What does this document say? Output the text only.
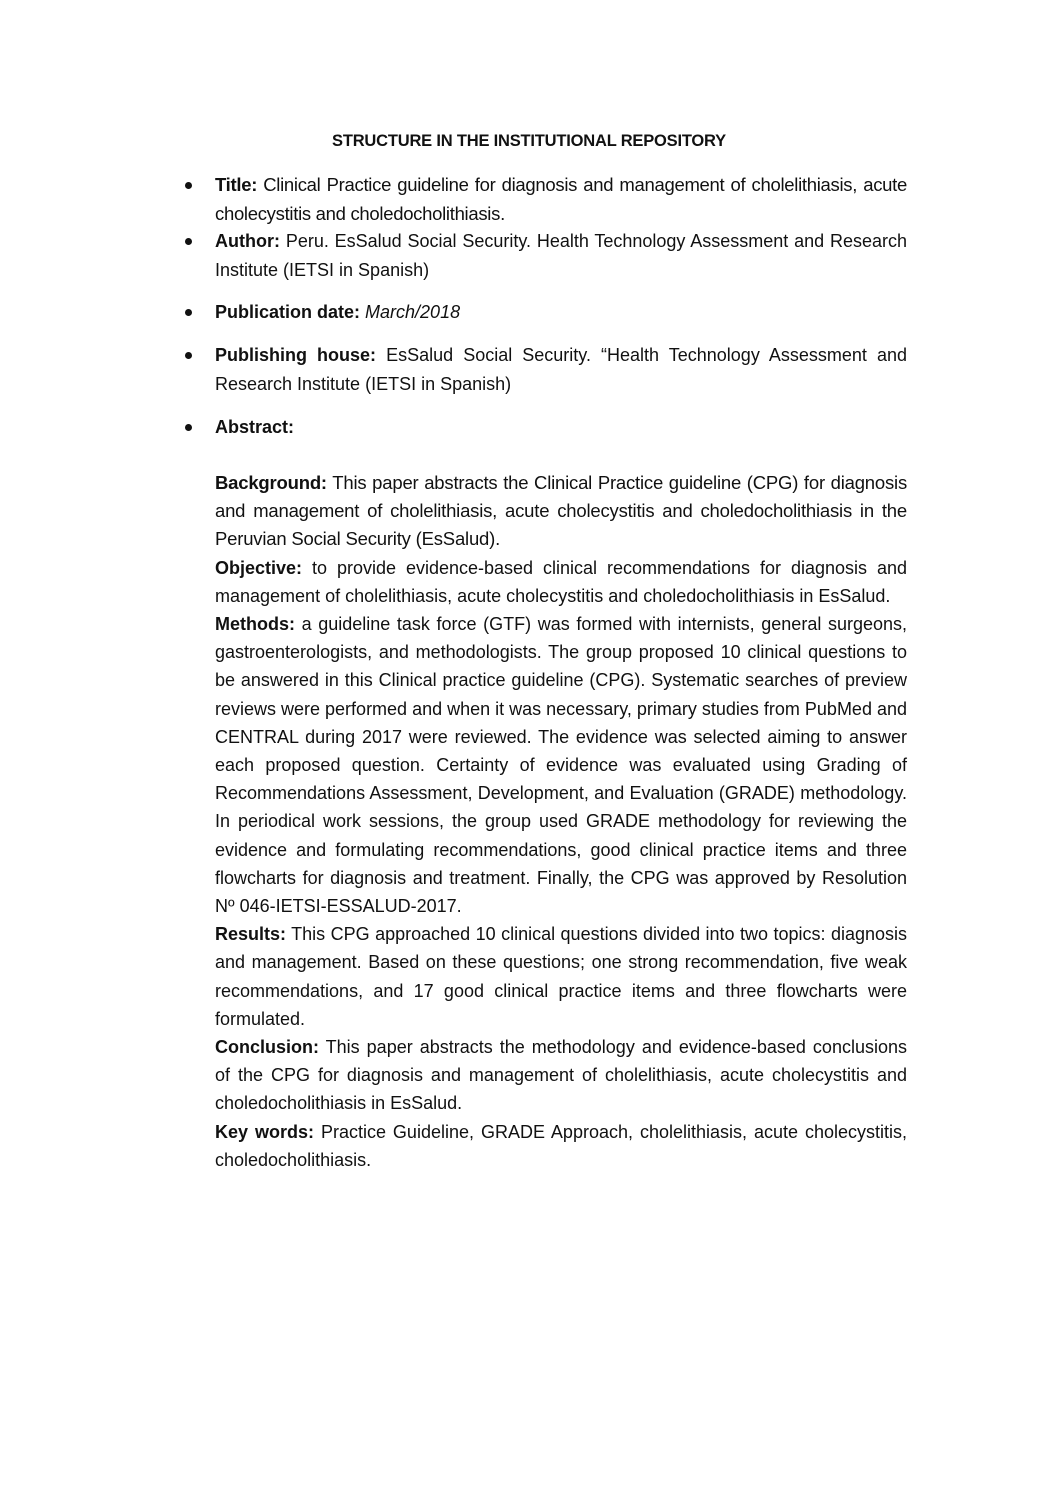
STRUCTURE IN THE INSTITUTIONAL REPOSITORY
Title: Clinical Practice guideline for diagnosis and management of cholelithiasis, acute cholecystitis and choledocholithiasis.
Author: Peru. EsSalud Social Security. Health Technology Assessment and Research Institute (IETSI in Spanish)
Publication date: March/2018
Publishing house: EsSalud Social Security. “Health Technology Assessment and Research Institute (IETSI in Spanish)
Abstract:

Background: This paper abstracts the Clinical Practice guideline (CPG) for diagnosis and management of cholelithiasis, acute cholecystitis and choledocholithiasis in the Peruvian Social Security (EsSalud).

Objective: to provide evidence-based clinical recommendations for diagnosis and management of cholelithiasis, acute cholecystitis and choledocholithiasis in EsSalud.

Methods: a guideline task force (GTF) was formed with internists, general surgeons, gastroenterologists, and methodologists. The group proposed 10 clinical questions to be answered in this Clinical practice guideline (CPG). Systematic searches of preview reviews were performed and when it was necessary, primary studies from PubMed and CENTRAL during 2017 were reviewed. The evidence was selected aiming to answer each proposed question. Certainty of evidence was evaluated using Grading of Recommendations Assessment, Development, and Evaluation (GRADE) methodology. In periodical work sessions, the group used GRADE methodology for reviewing the evidence and formulating recommendations, good clinical practice items and three flowcharts for diagnosis and treatment. Finally, the CPG was approved by Resolution Nº 046-IETSI-ESSALUD-2017.

Results: This CPG approached 10 clinical questions divided into two topics: diagnosis and management. Based on these questions; one strong recommendation, five weak recommendations, and 17 good clinical practice items and three flowcharts were formulated.

Conclusion: This paper abstracts the methodology and evidence-based conclusions of the CPG for diagnosis and management of cholelithiasis, acute cholecystitis and choledocholithiasis in EsSalud.

Key words: Practice Guideline, GRADE Approach, cholelithiasis, acute cholecystitis, choledocholithiasis.
